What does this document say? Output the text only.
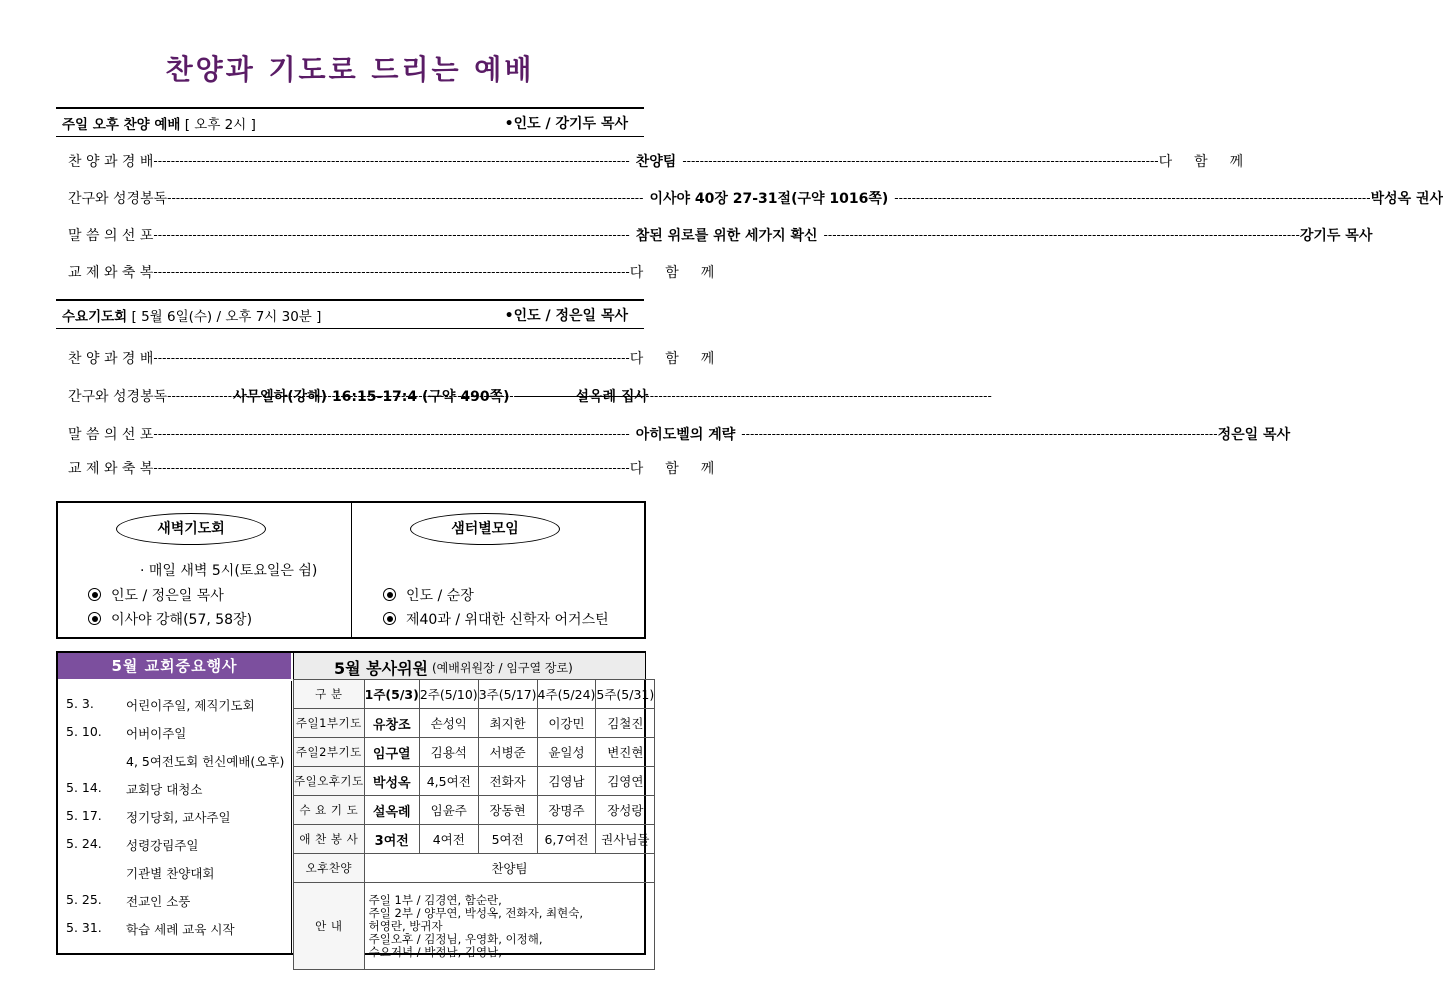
찬양과 기도로 드리는 예배
주일 오후 찬양 예배 [ 오후 2시 ]	•인도 / 강기두 목사
찬 양 과 경 배 -----	찬양팀 -----	다함께
간구와 성경봉독 -----	이사야 40장 27-31절(구약 1016쪽) -----	박성옥 권사
말 씀 의 선 포 -----	참된 위로를 위한 세가지 확신 -----	강기두 목사
교 제 와 축 복 -----	다함께
수요기도회 [ 5월 6일(수) / 오후 7시 30분 ]	•인도 / 정은일 목사
찬 양 과 경 배 -----	다함께
간구와 성경봉독 -----	사무엘하(강해) 16:15-17:4 (구약 490쪽) -----	설옥례 집사
말 씀 의 선 포 -----	아히도벨의 계략 -----	정은일 목사
교 제 와 축 복 -----	다함께
새벽기도회
· 매일 새벽 5시(토요일은 쉼)
인도 / 정은일 목사
이사야 강해(57, 58장)
샘터별모임
인도 / 순장
제40과 / 위대한 신학자 어거스틴
5월 교회중요행사	5월 봉사위원 (예배위원장 / 임구열 장로)
5. 3.	어린이주일, 제직기도회
5. 10. 어버이주일
4, 5여전도회 헌신예배(오후)
5. 14. 교회당 대청소
5. 17. 정기당회, 교사주일
5. 24. 성령강림주일
기관별 찬양대회
5. 25. 전교인 소풍
5. 31. 학습 세례 교육 시작
구 분	1주(5/3)	2주(5/10)	3주(5/17)	4주(5/24)	5주(5/31)
주일1부기도	유창조	손성익	최지한	이강민	김철진
주일2부기도	임구열	김용석	서병준	윤일성	변진현
주일오후기도	박성옥	4,5여전	전화자	김영남	김영연
수 요 기 도	설옥례	임윤주	장동현	장명주	장성랑
애 찬 봉 사	3여전	4여전	5여전	6,7여전	권사님들
오후찬양	찬양팀				
안 내	주일 1부 / 김경연, 함순란,
주일 2부 / 양무연, 박성옥, 전화자, 최현숙,
허영란, 방귀자
주일오후 / 김정님, 우영화, 이정해,
수요저녁 / 박정남, 김영남,				
